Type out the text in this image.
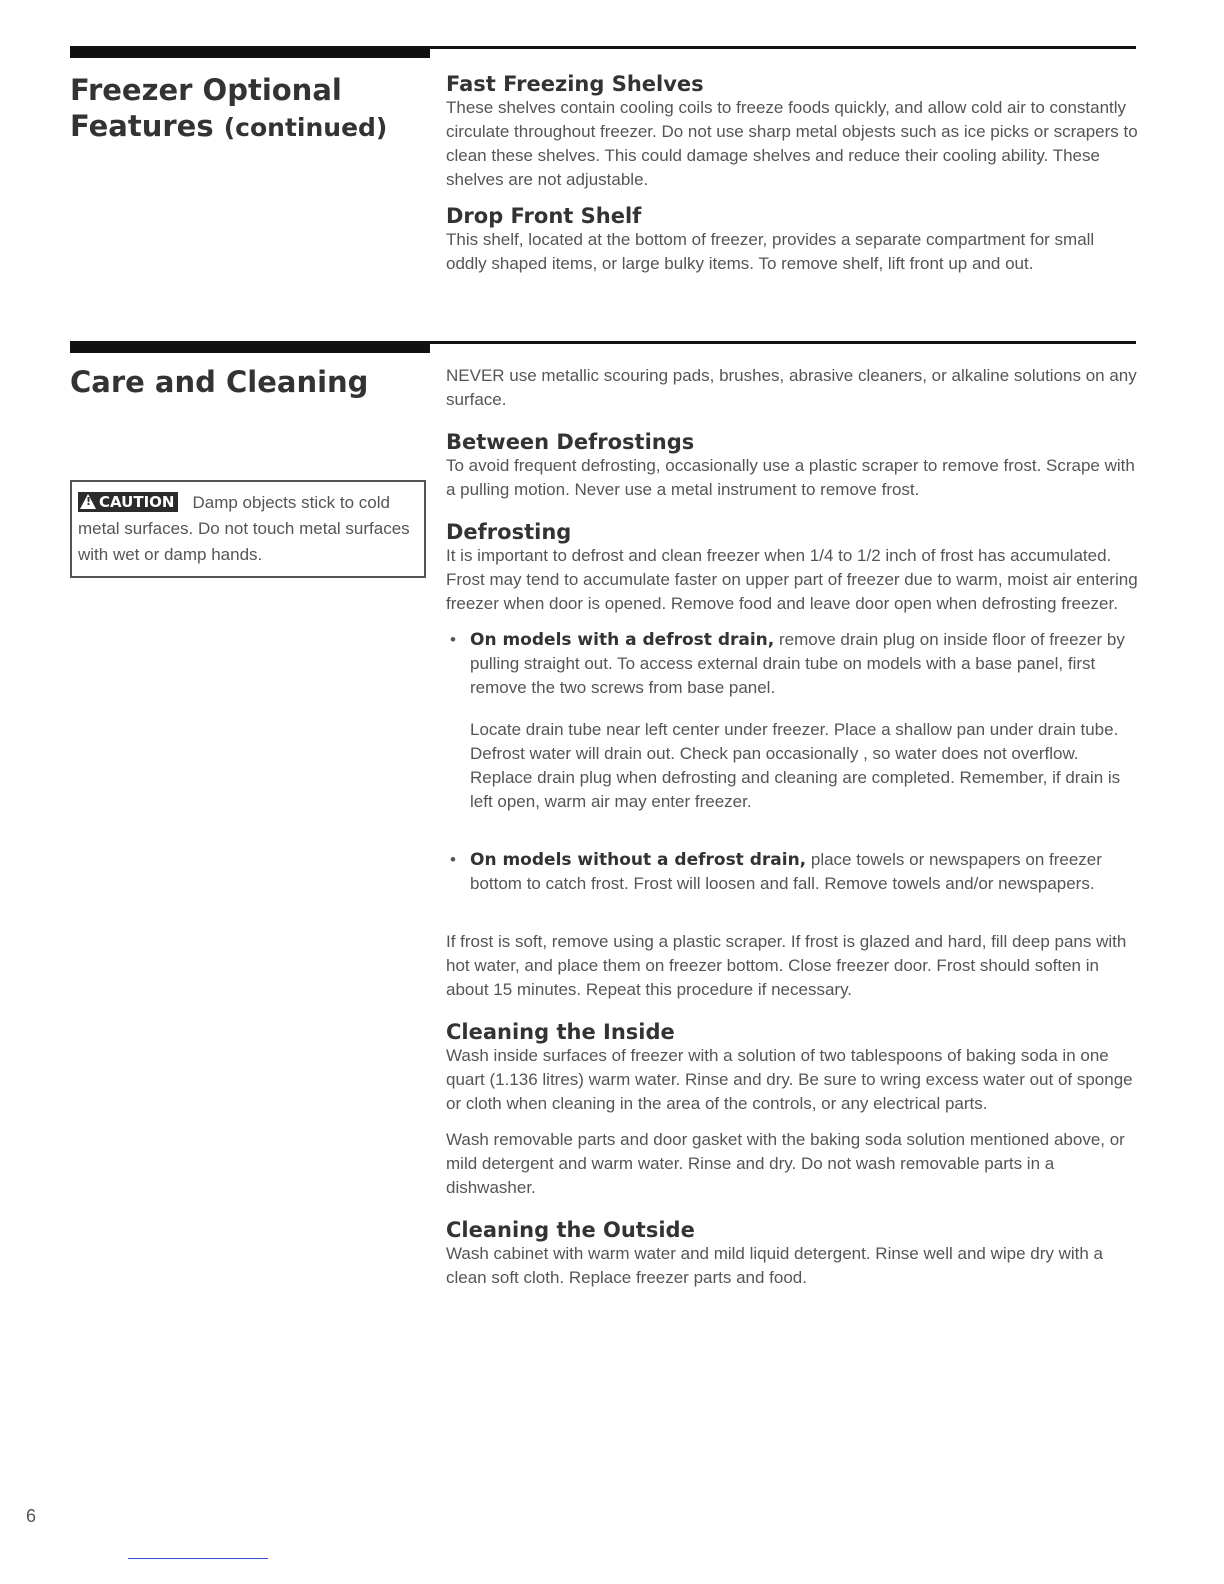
Freezer Optional
Features (continued)
Fast Freezing Shelves

These shelves contain cooling coils to freeze foods quickly, and allow cold air to constantly circulate throughout freezer. Do not use sharp metal objests such as ice picks or scrapers to clean these shelves. This could damage shelves and reduce their cooling ability. These shelves are not adjustable.

Drop Front Shelf

This shelf, located at the bottom of freezer, provides a separate compartment for small oddly shaped items, or large bulky items. To remove shelf, lift front up and out.

Care and Cleaning
! CAUTION Damp objects stick to cold metal surfaces. Do not touch metal surfaces with wet or damp hands.

NEVER use metallic scouring pads, brushes, abrasive cleaners, or alkaline solutions on any surface.

Between Defrostings

To avoid frequent defrosting, occasionally use a plastic scraper to remove frost. Scrape with a pulling motion. Never use a metal instrument to remove frost.

Defrosting

It is important to defrost and clean freezer when 1/4 to 1/2 inch of frost has accumulated. Frost may tend to accumulate faster on upper part of freezer due to warm, moist air entering freezer when door is opened. Remove food and leave door open when defrosting freezer.

• On models with a defrost drain, remove drain plug on inside floor of freezer by pulling straight out. To access external drain tube on models with a base panel, first remove the two screws from base panel.

Locate drain tube near left center under freezer. Place a shallow pan under drain tube. Defrost water will drain out. Check pan occasionally , so water does not overflow. Replace drain plug when defrosting and cleaning are completed. Remember, if drain is left open, warm air may enter freezer.

• On models without a defrost drain, place towels or newspapers on freezer bottom to catch frost. Frost will loosen and fall. Remove towels and/or newspapers.

If frost is soft, remove using a plastic scraper. If frost is glazed and hard, fill deep pans with hot water, and place them on freezer bottom. Close freezer door. Frost should soften in about 15 minutes. Repeat this procedure if necessary.

Cleaning the Inside

Wash inside surfaces of freezer with a solution of two tablespoons of baking soda in one quart (1.136 litres) warm water. Rinse and dry. Be sure to wring excess water out of sponge or cloth when cleaning in the area of the controls, or any electrical parts.

Wash removable parts and door gasket with the baking soda solution mentioned above, or mild detergent and warm water. Rinse and dry. Do not wash removable parts in a dishwasher.

Cleaning the Outside

Wash cabinet with warm water and mild liquid detergent. Rinse well and wipe dry with a clean soft cloth. Replace freezer parts and food.

6
